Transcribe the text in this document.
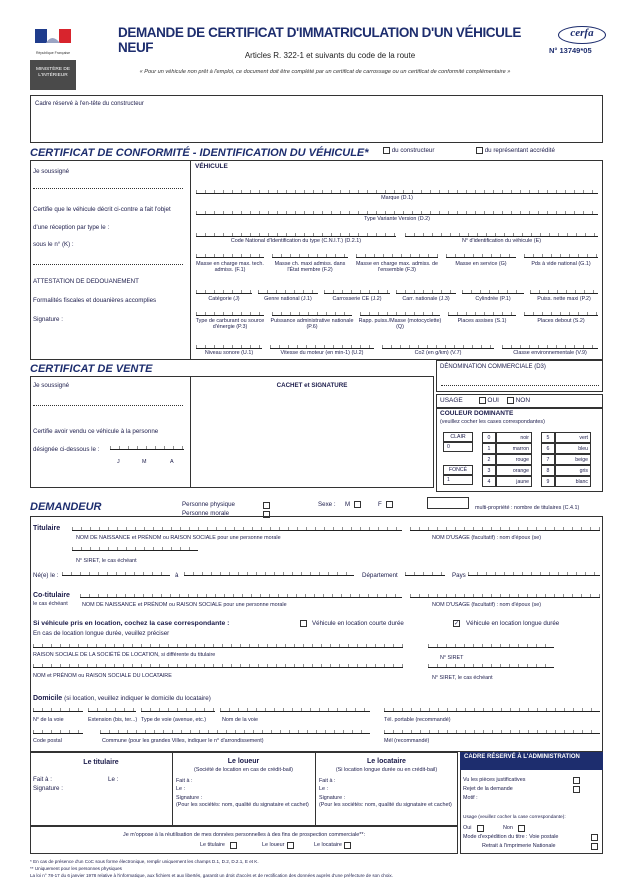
République Française
MINISTÈRE DE L'INTÉRIEUR
DEMANDE DE CERTIFICAT D'IMMATRICULATION D'UN VÉHICULE NEUF
Articles R. 322-1 et suivants du code de la route
« Pour un véhicule non prêt à l'emploi, ce document doit être complété par un certificat de carrossage ou un certificat de conformité complémentaire »
cerfa
N° 13749*05
Cadre réservé à l'en-tête du constructeur
CERTIFICAT DE CONFORMITÉ - IDENTIFICATION DU VÉHICULE*	du constructeur	du représentant accrédité
Je soussigné
Certifie que le véhicule décrit ci-contre a fait l'objet
d'une réception par type le :
sous le n° (K) :
ATTESTATION DE DEDOUANEMENT
Formalités fiscales et douanières accomplies
Signature :
VÉHICULE
Marque (D.1)
Type Variante Version (D.2)
Code National d'Identification du type (C.N.I.T.) (D.2.1)	N° d'identification du véhicule (E)
Masse en charge max. tech. admiss. (F.1)
Masse ch. maxi admiss. dans l'État membre (F.2)
Masse en charge max. admiss. de l'ensemble (F.3)
Masse en service (G)	Pds à vide national (G.1)
Catégorie (J)	Genre national (J.1)	Carrosserie CE (J.2)	Carr. nationale (J.3)	Cylindrée (P.1)	Puiss. nette maxi (P.2)
Type de carburant ou source d'énergie (P.3)
Puissance administrative nationale (P.6)
Rapp. puiss./Masse (motocyclette) (Q)
Places assises (S.1)	Places debout (S.2)
Niveau sonore (U.1)	Vitesse du moteur (en min-1) (U.2)	Co2 (en g/km) (V.7)	Classe environnementale (V.9)
CERTIFICAT DE VENTE
Je soussigné
Certifie avoir vendu ce véhicule à la personne
désignée ci-dessous le :
J	M	A
CACHET et SIGNATURE
DÉNOMINATION COMMERCIALE (D3)
USAGE	OUI	NON
COULEUR DOMINANTE
(veuillez cocher les cases correspondantes)
CLAIR
0
FONCÉ
1
0	noir
1	marron
2	rouge
3	orange
4	jaune
5	vert
6	bleu
7	beige
8	gris
9	blanc
DEMANDEUR	Personne physique
Personne morale
Sexe : M	F	multi-propriété : nombre de titulaires (C.4.1)
Titulaire
NOM DE NAISSANCE et PRÉNOM ou RAISON SOCIALE pour une personne morale	NOM D'USAGE (facultatif) : nom d'époux (se)
N° SIRET, le cas échéant
Né(e) le :	à	Département	Pays
Co-titulaire
le cas échéant	NOM DE NAISSANCE et PRÉNOM ou RAISON SOCIALE pour une personne morale	NOM D'USAGE (facultatif) : nom d'époux (se)
Si véhicule pris en location, cochez la case correspondante :	Véhicule en location courte durée	✓ Véhicule en location longue durée
En cas de location longue durée, veuillez préciser
RAISON SOCIALE DE LA SOCIÉTÉ DE LOCATION, si différente du titulaire	N° SIRET
NOM et PRÉNOM ou RAISON SOCIALE DU LOCATAIRE	N° SIRET, le cas échéant
Domicile (si location, veuillez indiquer le domicile du locataire)
N° de la voie	Extension (bis, ter...) Type de voie (avenue, etc.)	Nom de la voie	Tél. portable (recommandé)
Code postal	Commune (pour les grandes Villes, indiquer le n° d'arrondissement)	Mél (recommandé)
Le titulaire
Fait à :	Le :
Signature :
Le loueur
(Société de location en cas de crédit-bail)
Fait à :
Le :
Signature :
(Pour les sociétés: nom, qualité du signataire et cachet)
Le locataire
(Si location longue durée ou en crédit-bail)
Fait à :
Le :
Signature :
(Pour les sociétés: nom, qualité du signataire et cachet)
Je m'oppose à la réutilisation de mes données personnelles à des fins de prospection commerciale**:
Le titulaire	Le loueur	Le locataire
CADRE RÉSERVÉ À L'ADMINISTRATION
Vu les pièces justificatives
Rejet de la demande
Motif :
Usage (veuillez cocher la case correspondante):
Oui	Non
Mode d'expédition du titre : Voie postale
Retrait à l'imprimerie Nationale
* En cas de présence d'un CoC sous forme électronique, remplir uniquement les champs D.1, D.2, D.2.1, E et K.
** Uniquement pour les personnes physiques
La loi n° 78-17 du 6 janvier 1978 relative à l'informatique, aux fichiers et aux libertés, garantit un droit d'accès et de rectification des données auprès d'une préfecture de son choix.
